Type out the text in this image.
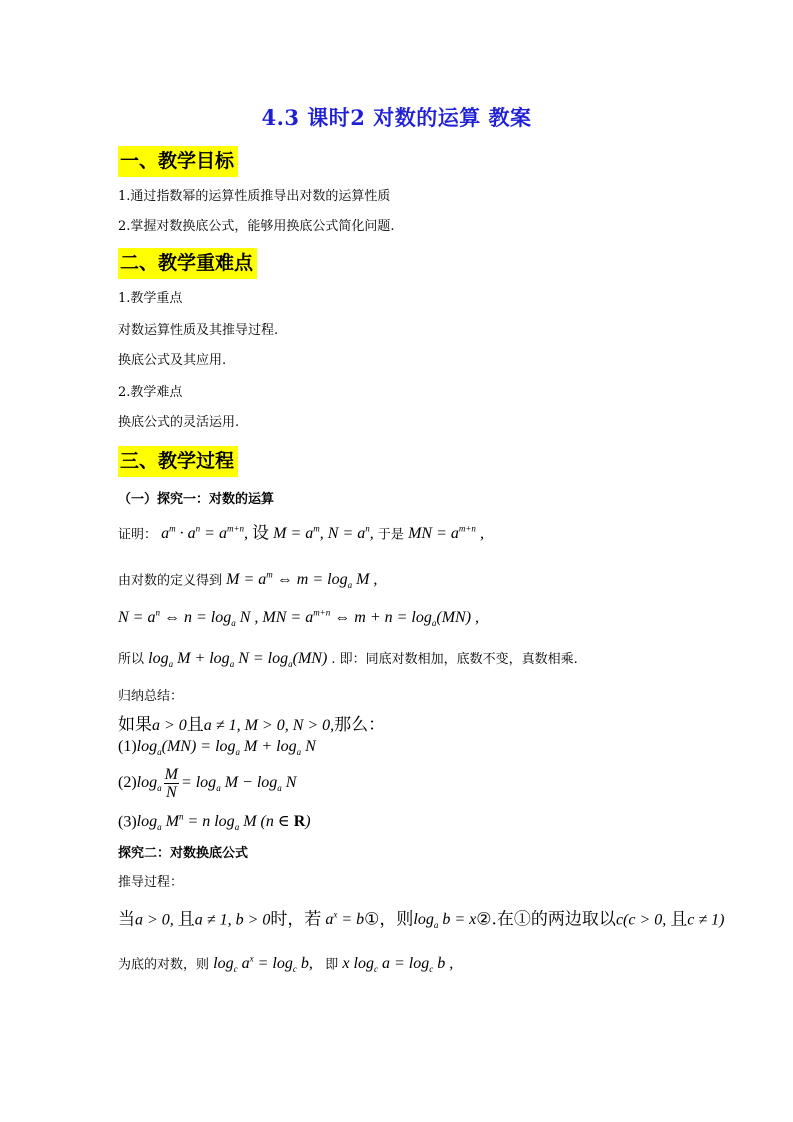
4.3 课时2 对数的运算 教案
一、教学目标
1.通过指数幂的运算性质推导出对数的运算性质
2.掌握对数换底公式，能够用换底公式简化问题.
二、教学重难点
1.教学重点
对数运算性质及其推导过程.
换底公式及其应用.
2.教学难点
换底公式的灵活运用.
三、教学过程
（一）探究一：对数的运算
证明： $a^m \cdot a^n = a^{m+n}$, 设 $M = a^m$, $N = a^n$, 于是 MN = $a^{m+n}$ ,
由对数的定义得到 $M = a^m$ ⇔ $m = \log_a M$ ,
$N = a^n$ ⇔ $n = \log_a N$ , MN = $a^{m+n}$ ⇔ $m + n = \log_a(MN)$ ,
所以 $\log_a M + \log_a N = \log_a(MN)$ . 即：同底对数相加，底数不变，真数相乘.
归纳总结：
如果a > 0且a ≠ 1, M > 0, N > 0,那么：
$(1)\log_a(MN) = \log_a M + \log_a N$
$(2)\log_a \frac{M}{N} = \log_a M - \log_a N$
$(3)\log_a$ $M^n = n$ $\log_a M$ (n ∈ R)
探究二：对数换底公式
推导过程：
当a > 0, 且a ≠ 1, b > 0时，若 $a^x$ = b①，则$\log_a b$ = x②.在①的两边取以c(c > 0, 且c ≠ 1)
为底的对数，则 $\log_c a^x = \log_c b$, 即 x $\log_c a = \log_c b$ ,
